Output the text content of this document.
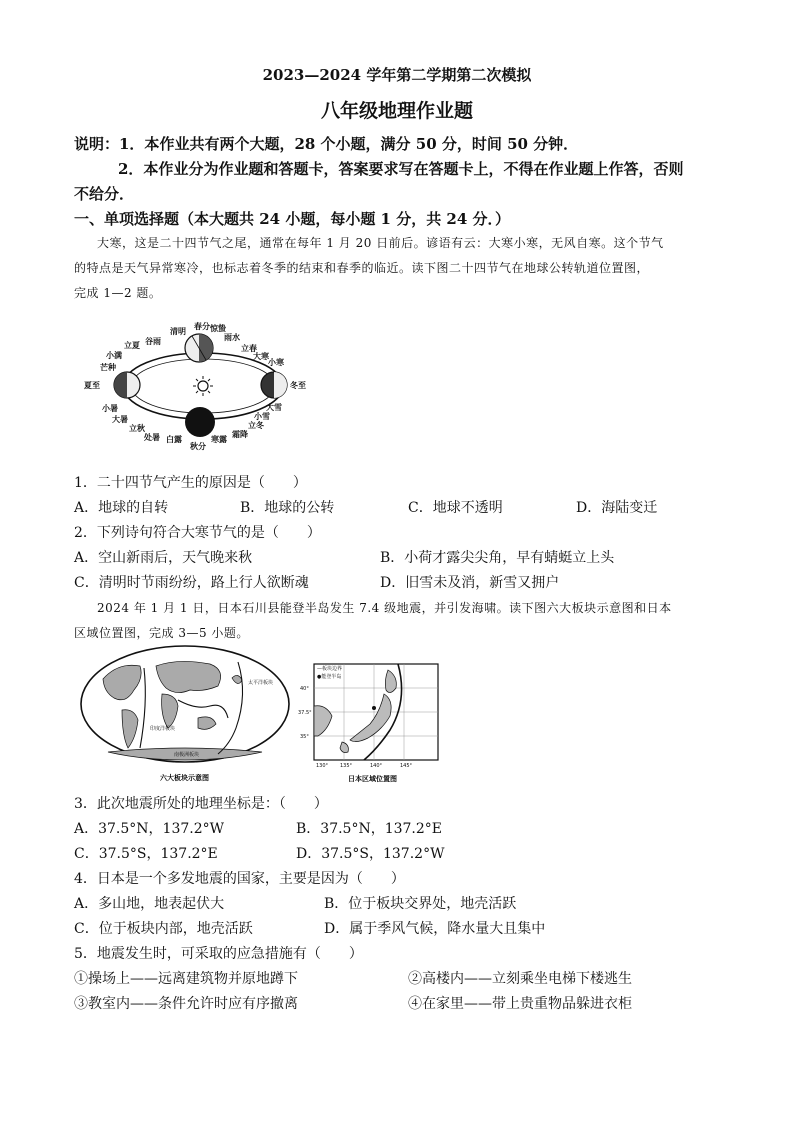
2023—2024 学年第二学期第二次模拟
八年级地理作业题
说明：1．本作业共有两个大题，28 个小题，满分 50 分，时间 50 分钟．
2．本作业分为作业题和答题卡，答案要求写在答题卡上，不得在作业题上作答，否则
不给分．
一、单项选择题（本大题共 24 小题，每小题 1 分，共 24 分．）
大寒，这是二十四节气之尾，通常在每年 1 月 20 日前后。谚语有云：大寒小寒，无风自寒。这个节气
的特点是天气异常寒冷，也标志着冬季的结束和春季的临近。读下图二十四节气在地球公转轨道位置图，
完成 1—2 题。
春分 惊蛰
清明
谷雨	雨水
立夏	立春
小满	大寒
芒种
小寒
夏至	冬至
小暑	大雪
大暑	小雪
立秋	立冬
处暑	霜降
白露	寒露
秋分
1．二十四节气产生的原因是（　　）
A．地球的自转	B．地球的公转	C．地球不透明	D．海陆变迁
2．下列诗句符合大寒节气的是（　　）
A．空山新雨后，天气晚来秋	B．小荷才露尖尖角，早有蜻蜓立上头
C．清明时节雨纷纷，路上行人欲断魂	D．旧雪未及消，新雪又拥户
2024 年 1 月 1 日，日本石川县能登半岛发生 7.4 级地震，并引发海啸。读下图六大板块示意图和日本
区域位置图，完成 3—5 小题。
太平洋板块
印度洋板块
南极洲板块
六大板块示意图
—板块边界
●能登半岛
40°
37.5°
35°
130° 135°	140°	145°
日本区域位置图
3．此次地震所处的地理坐标是：（　　）
A．37.5°N，137.2°W	B．37.5°N，137.2°E
C．37.5°S，137.2°E	D．37.5°S，137.2°W
4．日本是一个多发地震的国家，主要是因为（　　）
A．多山地，地表起伏大	B．位于板块交界处，地壳活跃
C．位于板块内部，地壳活跃	D．属于季风气候，降水量大且集中
5．地震发生时，可采取的应急措施有（　　）
①操场上——远离建筑物并原地蹲下	②高楼内——立刻乘坐电梯下楼逃生
③教室内——条件允许时应有序撤离	④在家里——带上贵重物品躲进衣柜
